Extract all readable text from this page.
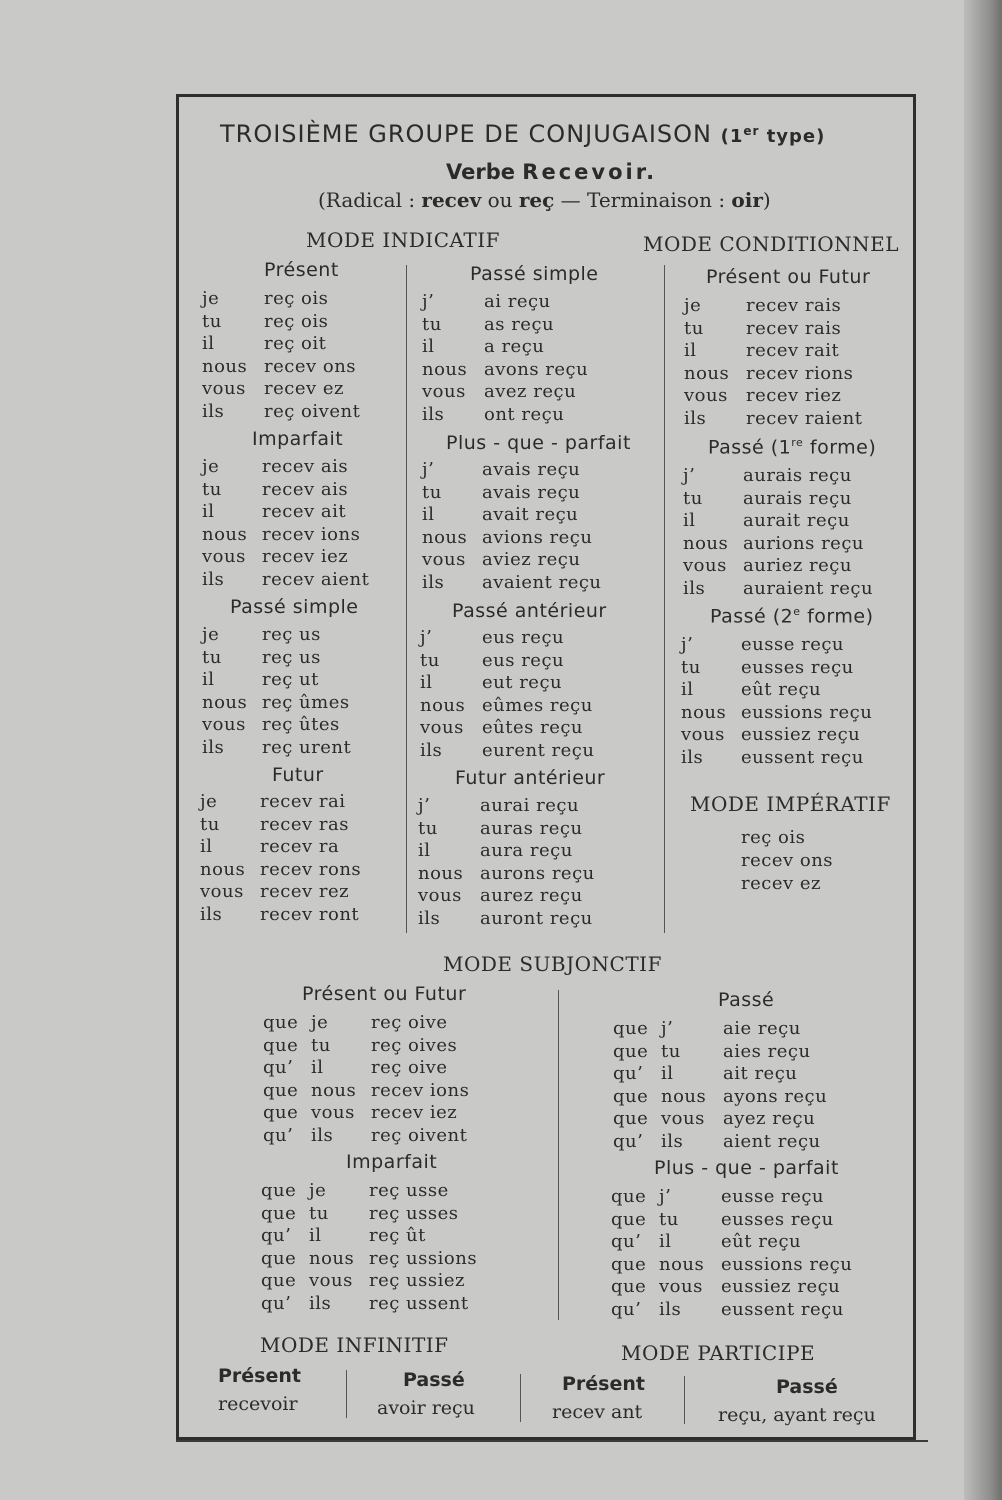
TROISIÈME GROUPE DE CONJUGAISON (1er type)
Verbe Recevoir.
(Radical : recev ou reç — Terminaison : oir)
MODE INDICATIF	MODE CONDITIONNEL
Présent
je reç ois
tu reç ois
il	reç oit
nous recev ons
vous recev ez
ils reç oivent
Imparfait
je recev ais
tu recev ais
il	recev ait
nous recev ions
vous recev iez
ils recev aient
Passé simple
je reç us
tu reç us
il	reç ut
nous reç ûmes
vous reç ûtes
ils reç urent
Futur
je recev rai
tu recev ras
il	recev ra
nous recev rons
vous recev rez
ils recev ront
Passé simple
j’	ai reçu
tu as reçu
il	a reçu
nous avons reçu
vous avez reçu
ils ont reçu
Plus - que - parfait
j’	avais reçu
tu avais reçu
il	avait reçu
nous avions reçu
vous aviez reçu
ils avaient reçu
Passé antérieur
j’	eus reçu
tu eus reçu
il	eut reçu
nous eûmes reçu
vous eûtes reçu
ils eurent reçu
Futur antérieur
j’	aurai reçu
tu auras reçu
il	aura reçu
nous aurons reçu
vous aurez reçu
ils auront reçu
Présent ou Futur
je recev rais
tu recev rais
il	recev rait
nous recev rions
vous recev riez
ils recev raient
Passé (1re forme)
j’	aurais reçu
tu aurais reçu
il	aurait reçu
nous aurions reçu
vous auriez reçu
ils auraient reçu
Passé (2e forme)
j’	eusse reçu
tu eusses reçu
il	eût reçu
nous eussions reçu
vous eussiez reçu
ils eussent reçu
MODE IMPÉRATIF
reç ois
recev ons
recev ez
MODE SUBJONCTIF
Présent ou Futur
que je reç oive
que tu reç oives
qu’ il	reç oive
que nous recev ions
que vous recev iez
qu’ ils reç oivent
Imparfait
que je reç usse
que tu reç usses
qu’ il	reç ût
que nous reç ussions
que vous reç ussiez
qu’ ils reç ussent
Passé
que j’	aie reçu
que tu aies reçu
qu’ il	ait reçu
que nous ayons reçu
que vous ayez reçu
qu’ ils aient reçu
Plus - que - parfait
que j’	eusse reçu
que tu eusses reçu
qu’ il	eût reçu
que nous eussions reçu
que vous eussiez reçu
qu’ ils eussent reçu
MODE INFINITIF	MODE PARTICIPE
Présent
recevoir
Passé
avoir reçu
Présent
recev ant
Passé
reçu, ayant reçu
